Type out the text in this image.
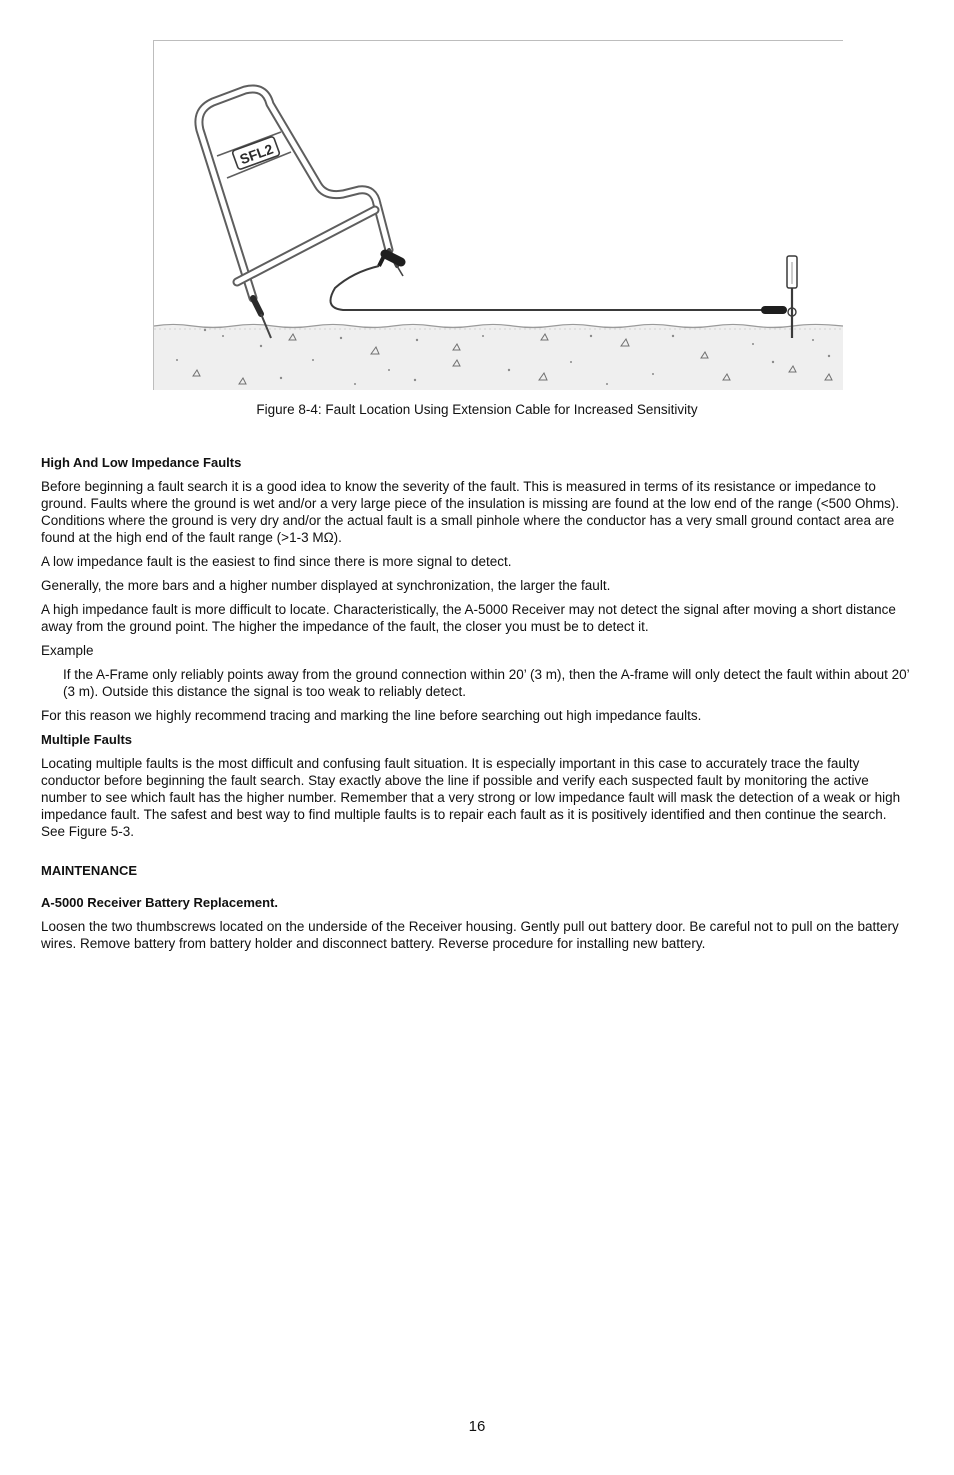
SFL2
Figure 8-4: Fault Location Using Extension Cable for Increased Sensitivity
High And Low Impedance Faults

Before beginning a fault search it is a good idea to know the severity of the fault. This is measured in terms of its resistance or impedance to ground. Faults where the ground is wet and/or a very large piece of the insulation is missing are found at the low end of the range (<500 Ohms). Conditions where the ground is very dry and/or the actual fault is a small pinhole where the conductor has a very small ground contact area are found at the high end of the fault range (>1-3 MΩ).

A low impedance fault is the easiest to find since there is more signal to detect.

Generally, the more bars and a higher number displayed at synchronization, the larger the fault.

A high impedance fault is more difficult to locate. Characteristically, the A-5000 Receiver may not detect the signal after moving a short distance away from the ground point. The higher the impedance of the fault, the closer you must be to detect it.

Example

If the A-Frame only reliably points away from the ground connection within 20’ (3 m), then the A-frame will only detect the fault within about 20’ (3 m). Outside this distance the signal is too weak to reliably detect.

For this reason we highly recommend tracing and marking the line before searching out high impedance faults.

Multiple Faults

Locating multiple faults is the most difficult and confusing fault situation. It is especially important in this case to accurately trace the faulty conductor before beginning the fault search. Stay exactly above the line if possible and verify each suspected fault by monitoring the active number to see which fault has the higher number. Remember that a very strong or low impedance fault will mask the detection of a weak or high impedance fault. The safest and best way to find multiple faults is to repair each fault as it is positively identified and then continue the search. See Figure 5-3.

MAINTENANCE
A-5000 Receiver Battery Replacement.

Loosen the two thumbscrews located on the underside of the Receiver housing. Gently pull out battery door. Be careful not to pull on the battery wires. Remove battery from battery holder and disconnect battery. Reverse procedure for installing new battery.

16
